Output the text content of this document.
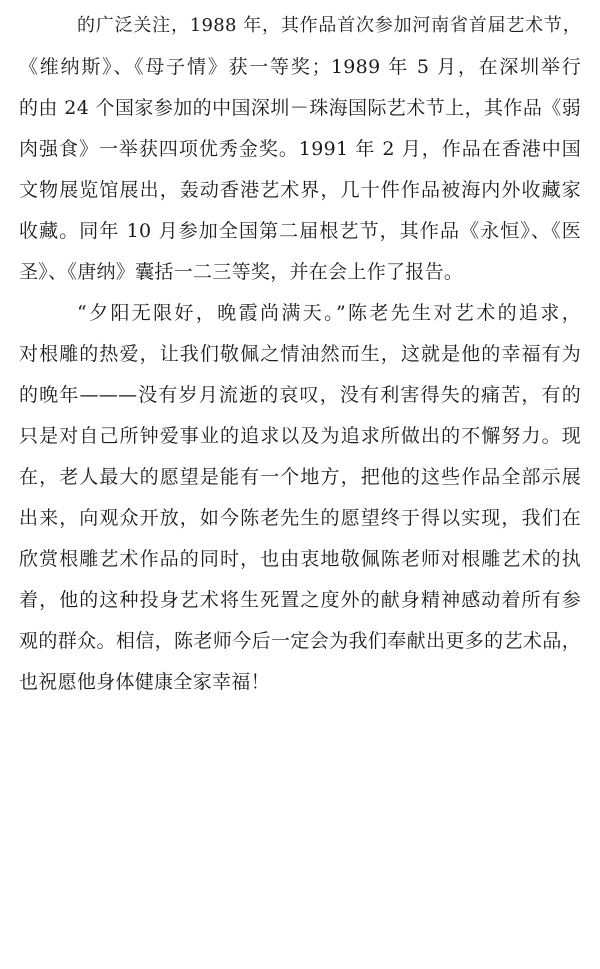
的广泛关注，1988 年，其作品首次参加河南省首届艺术节，
《维纳斯》、《母子情》获一等奖；1989 年 5 月，在深圳举行
的由 24 个国家参加的中国深圳－珠海国际艺术节上，其作品《弱
肉强食》一举获四项优秀金奖。1991 年 2 月，作品在香港中国
文物展览馆展出，轰动香港艺术界，几十件作品被海内外收藏家
收藏。同年 10 月参加全国第二届根艺节，其作品《永恒》、《医
圣》、《唐纳》囊括一二三等奖，并在会上作了报告。
“夕阳无限好，晚霞尚满天。”陈老先生对艺术的追求，
对根雕的热爱，让我们敬佩之情油然而生，这就是他的幸福有为
的晚年———没有岁月流逝的哀叹，没有利害得失的痛苦，有的
只是对自己所钟爱事业的追求以及为追求所做出的不懈努力。现
在，老人最大的愿望是能有一个地方，把他的这些作品全部示展
出来，向观众开放，如今陈老先生的愿望终于得以实现，我们在
欣赏根雕艺术作品的同时，也由衷地敬佩陈老师对根雕艺术的执
着，他的这种投身艺术将生死置之度外的献身精神感动着所有参
观的群众。相信，陈老师今后一定会为我们奉献出更多的艺术品，
也祝愿他身体健康全家幸福！
